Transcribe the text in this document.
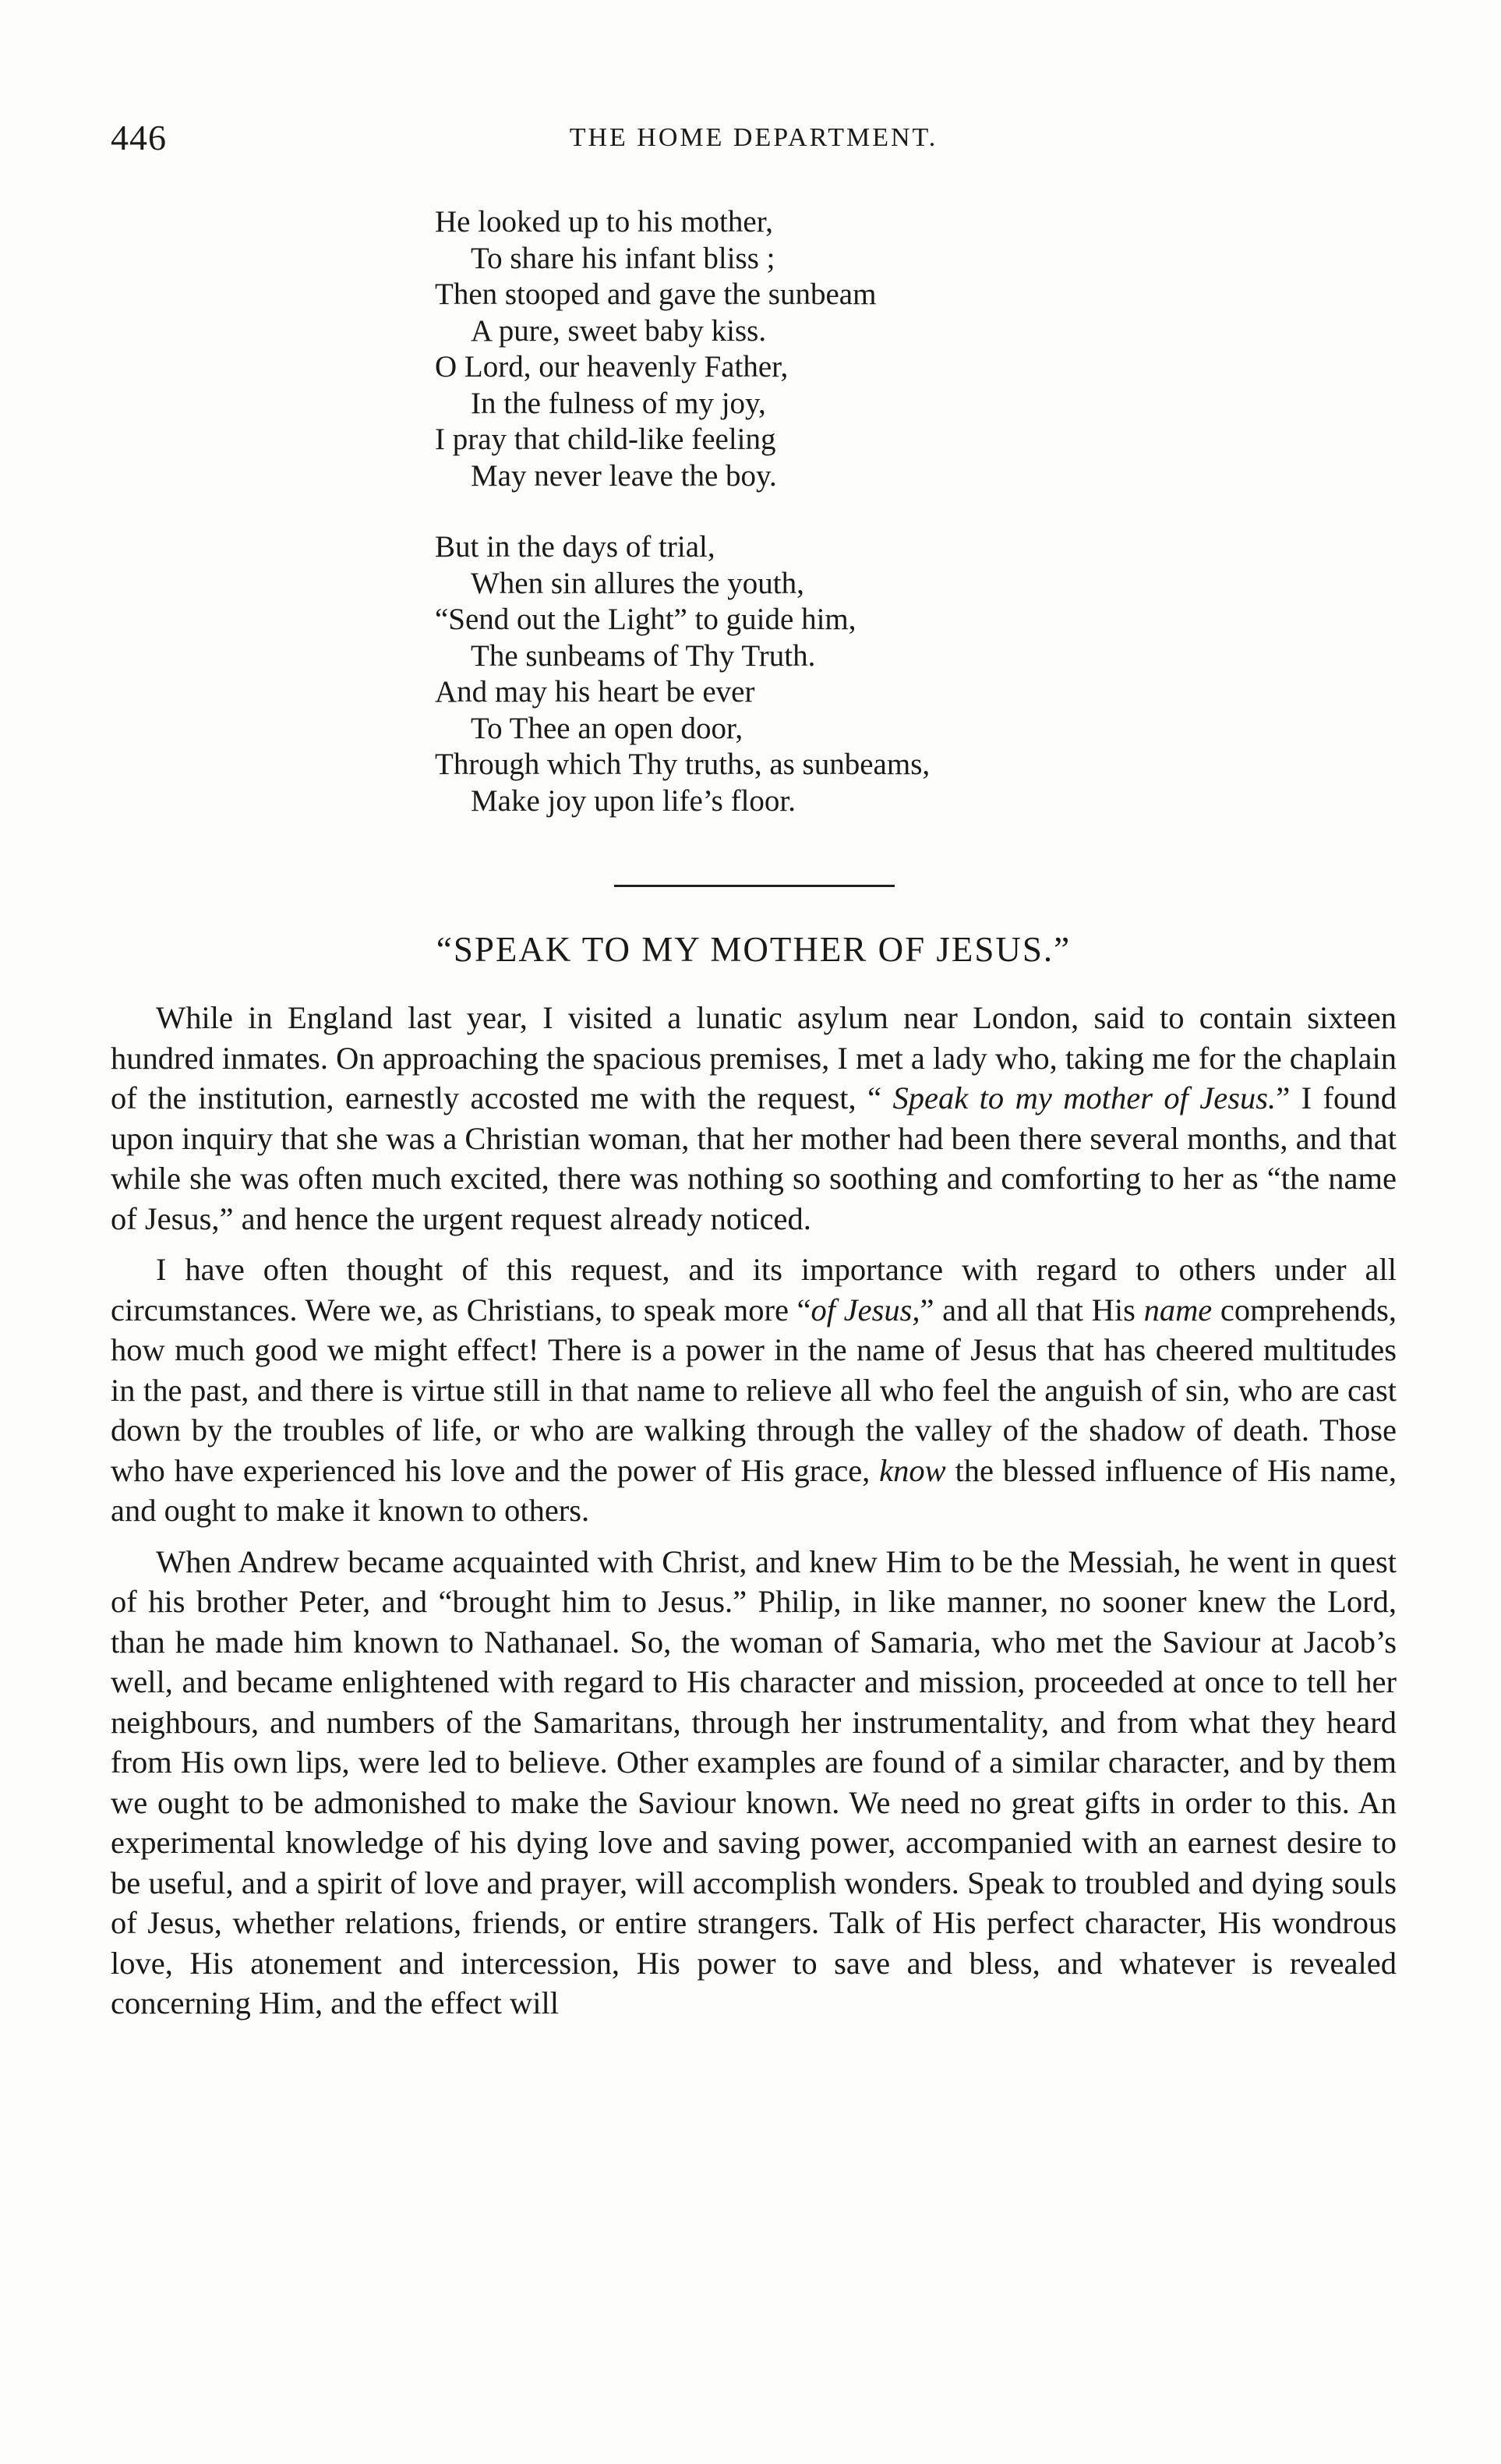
446	THE HOME DEPARTMENT.
He looked up to his mother,
To share his infant bliss ;
Then stooped and gave the sunbeam
A pure, sweet baby kiss.
O Lord, our heavenly Father,
In the fulness of my joy,
I pray that child-like feeling
May never leave the boy.
But in the days of trial,
When sin allures the youth,
“Send out the Light” to guide him,
The sunbeams of Thy Truth.
And may his heart be ever
To Thee an open door,
Through which Thy truths, as sunbeams,
Make joy upon life’s floor.
“SPEAK TO MY MOTHER OF JESUS.”

While in England last year, I visited a lunatic asylum near London, said to contain sixteen hundred inmates. On approaching the spacious premises, I met a lady who, taking me for the chaplain of the institution, earnestly accosted me with the request, “ Speak to my mother of Jesus.” I found upon inquiry that she was a Christian woman, that her mother had been there several months, and that while she was often much excited, there was nothing so soothing and comforting to her as “the name of Jesus,” and hence the urgent request already noticed.

I have often thought of this request, and its importance with regard to others under all circumstances. Were we, as Christians, to speak more “of Jesus,” and all that His name comprehends, how much good we might effect! There is a power in the name of Jesus that has cheered multitudes in the past, and there is virtue still in that name to relieve all who feel the anguish of sin, who are cast down by the troubles of life, or who are walking through the valley of the shadow of death. Those who have experienced his love and the power of His grace, know the blessed influence of His name, and ought to make it known to others.

When Andrew became acquainted with Christ, and knew Him to be the Messiah, he went in quest of his brother Peter, and “brought him to Jesus.” Philip, in like manner, no sooner knew the Lord, than he made him known to Nathanael. So, the woman of Samaria, who met the Saviour at Jacob’s well, and became enlightened with regard to His character and mission, proceeded at once to tell her neighbours, and numbers of the Samaritans, through her instrumentality, and from what they heard from His own lips, were led to believe. Other examples are found of a similar character, and by them we ought to be admonished to make the Saviour known. We need no great gifts in order to this. An experimental knowledge of his dying love and saving power, accompanied with an earnest desire to be useful, and a spirit of love and prayer, will accomplish wonders. Speak to troubled and dying souls of Jesus, whether relations, friends, or entire strangers. Talk of His perfect character, His wondrous love, His atonement and intercession, His power to save and bless, and whatever is revealed concerning Him, and the effect will
